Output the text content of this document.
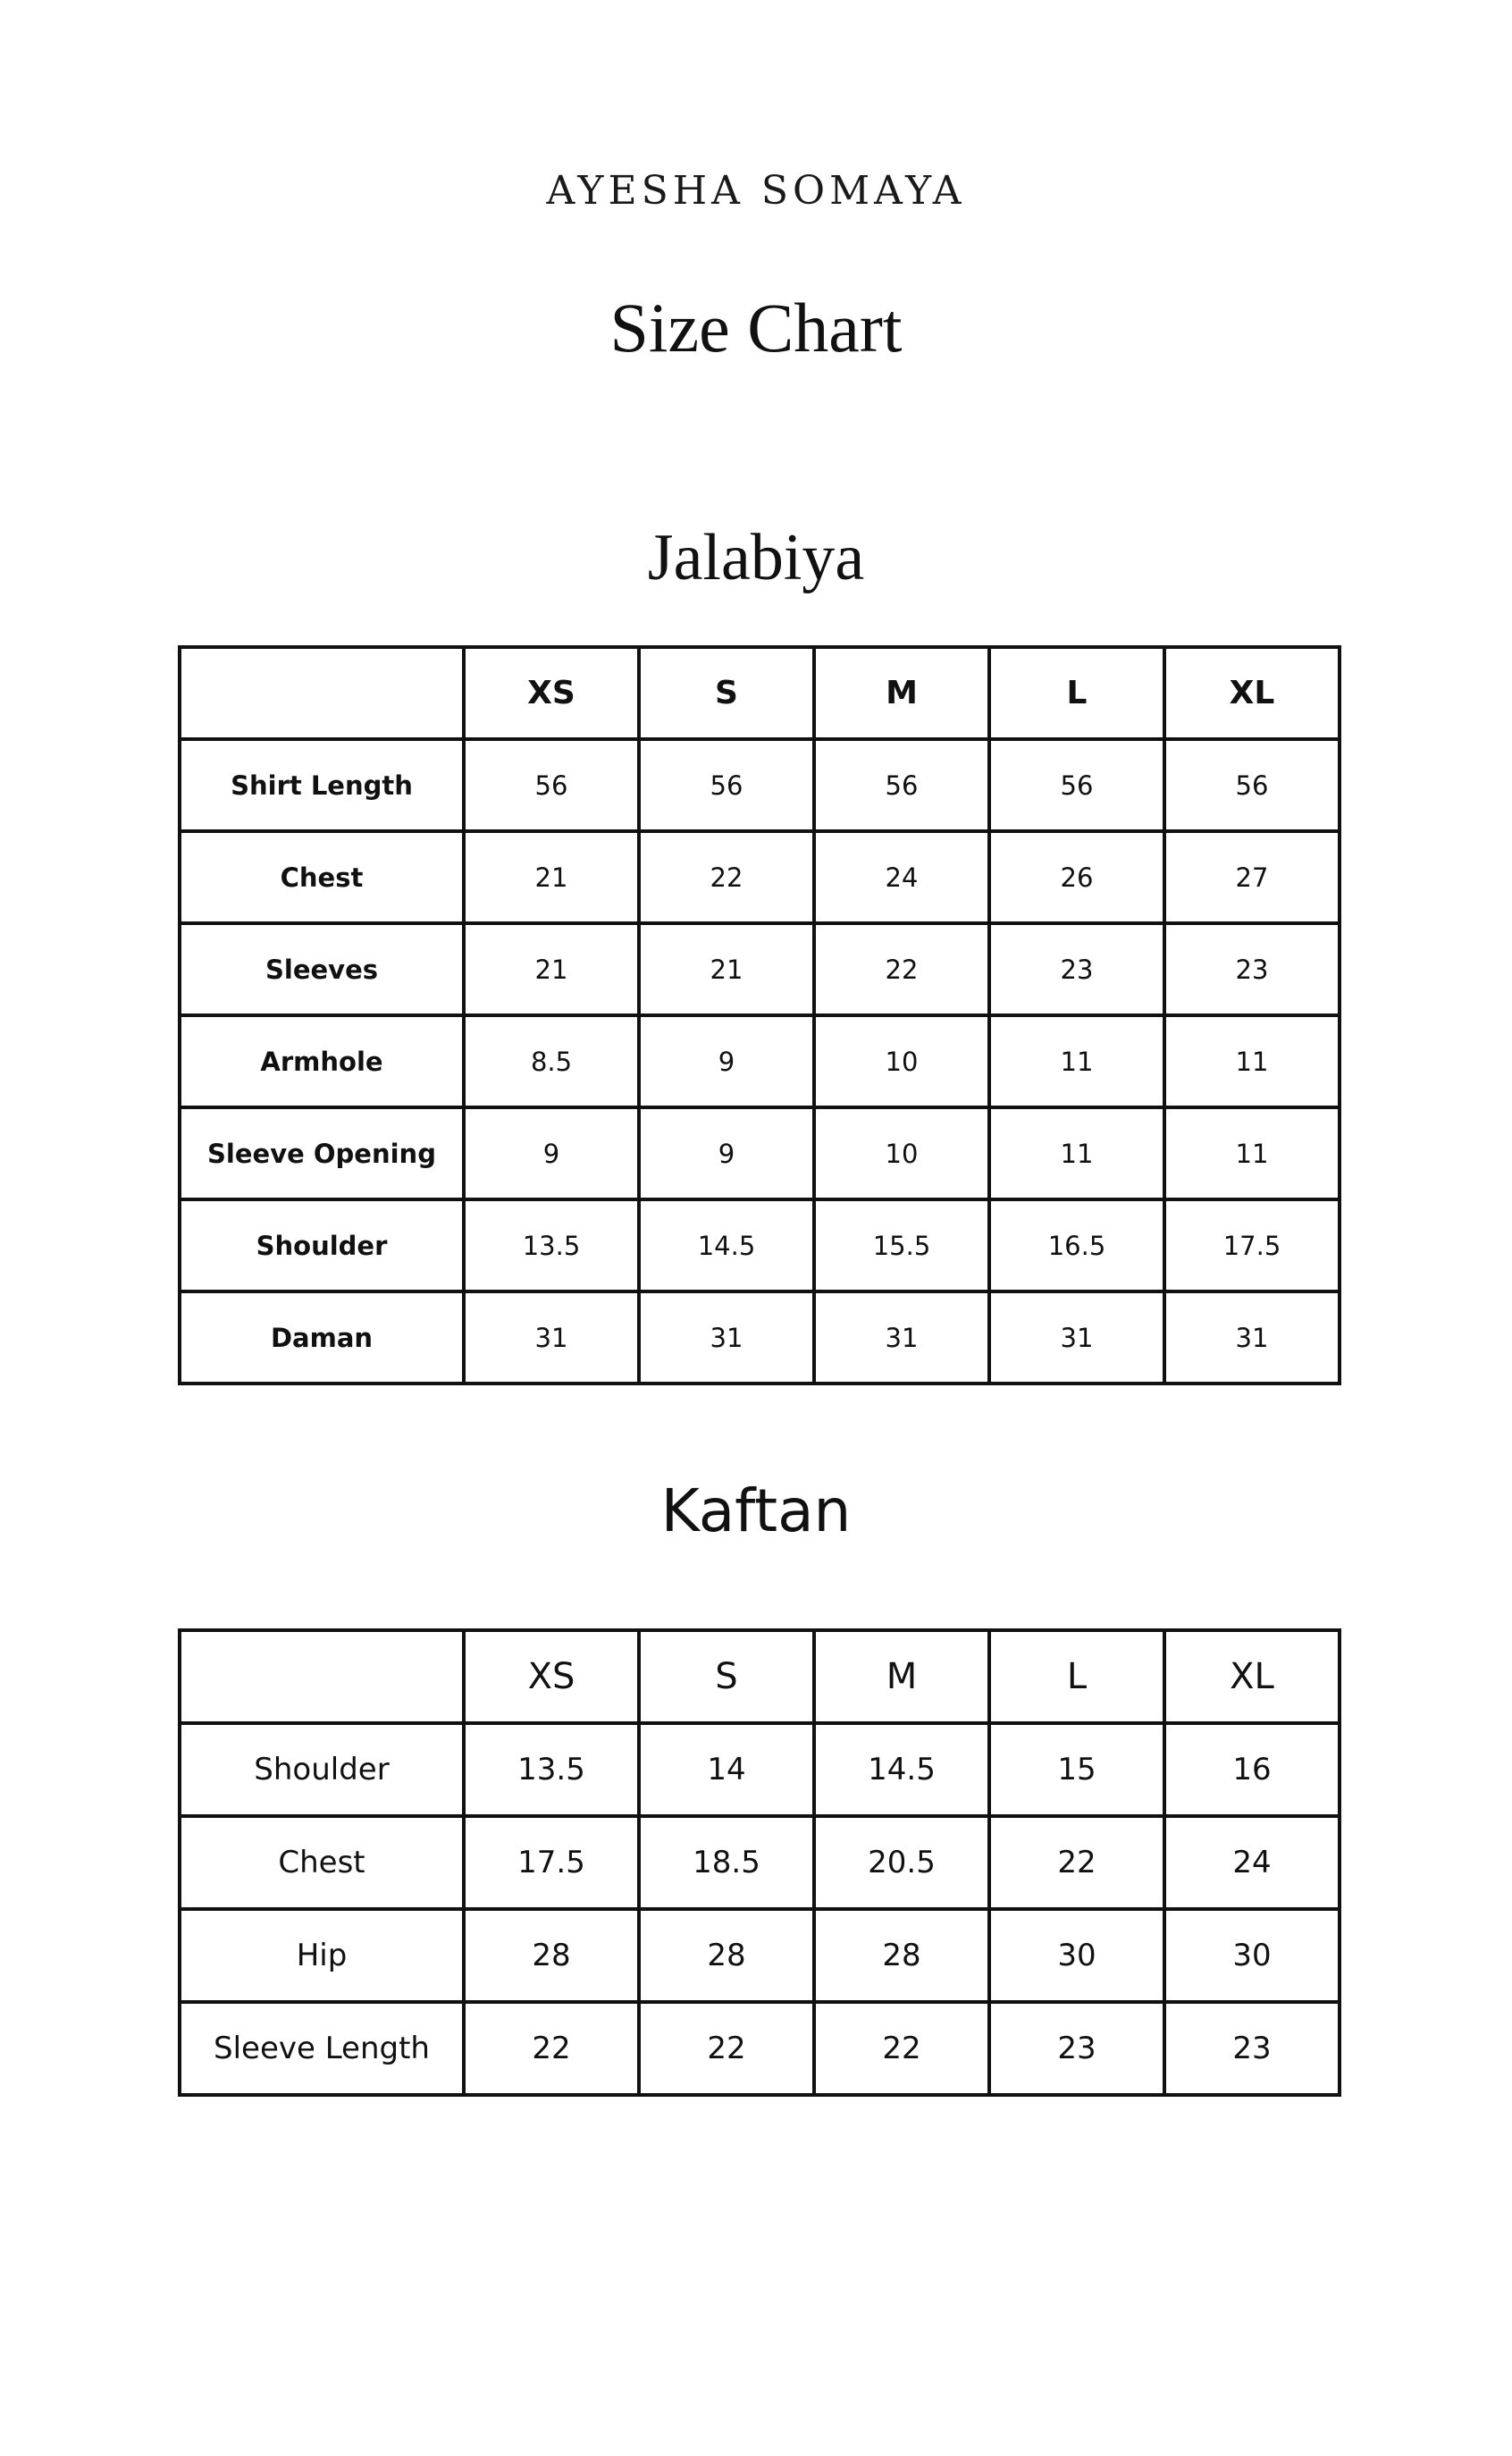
AYESHA SOMAYA
Size Chart
Jalabiya
	XS	S	M	L	XL
Shirt Length	56	56	56	56	56
Chest	21	22	24	26	27
Sleeves	21	21	22	23	23
Armhole	8.5	9	10	11	11
Sleeve Opening	9	9	10	11	11
Shoulder	13.5	14.5	15.5	16.5	17.5
Daman	31	31	31	31	31
Kaftan
	XS	S	M	L	XL
Shoulder	13.5	14	14.5	15	16
Chest	17.5	18.5	20.5	22	24
Hip	28	28	28	30	30
Sleeve Length	22	22	22	23	23
